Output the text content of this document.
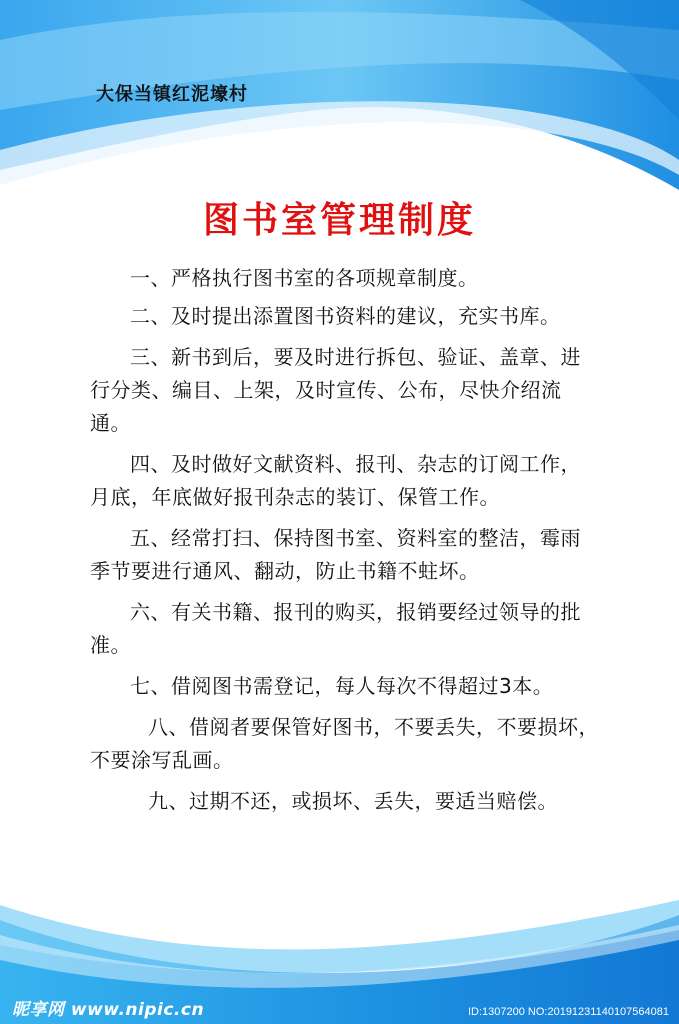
大保当镇红泥壕村
图书室管理制度
一、严格执行图书室的各项规章制度。
二、及时提出添置图书资料的建议，充实书库。
三、新书到后，要及时进行拆包、验证、盖章、进行分类、编目、上架，及时宣传、公布，尽快介绍流通。
四、及时做好文献资料、报刊、杂志的订阅工作，月底，年底做好报刊杂志的装订、保管工作。
五、经常打扫、保持图书室、资料室的整洁，霉雨季节要进行通风、翻动，防止书籍不蛀坏。
六、有关书籍、报刊的购买，报销要经过领导的批准。
七、借阅图书需登记，每人每次不得超过3本。
八、借阅者要保管好图书，不要丢失，不要损坏，不要涂写乱画。
九、过期不还，或损坏、丢失，要适当赔偿。
昵享网 www.nipic.cn	ID:1307200 NO:20191231140107564081
